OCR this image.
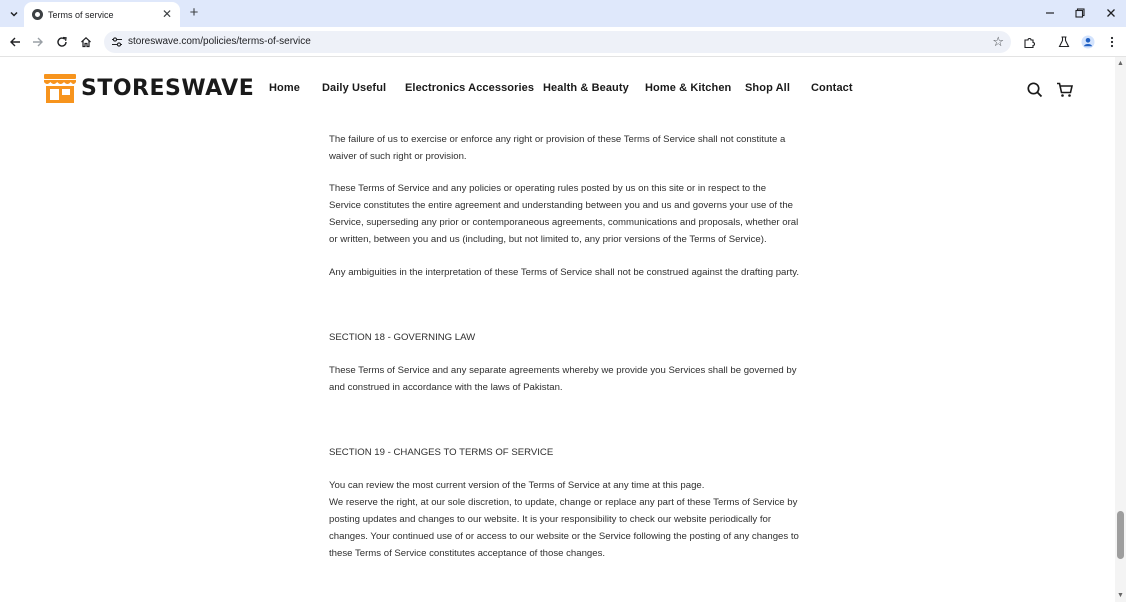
Terms of service	✕ +
storeswave.com/policies/terms-of-service	☆
STORESWAVE Home Daily Useful Electronics Accessories Health & Beauty Home & Kitchen Shop All Contact

The failure of us to exercise or enforce any right or provision of these Terms of Service shall not constitute a waiver of such right or provision.

These Terms of Service and any policies or operating rules posted by us on this site or in respect to the Service constitutes the entire agreement and understanding between you and us and governs your use of the Service, superseding any prior or contemporaneous agreements, communications and proposals, whether oral or written, between you and us (including, but not limited to, any prior versions of the Terms of Service).

Any ambiguities in the interpretation of these Terms of Service shall not be construed against the drafting party.

SECTION 18 - GOVERNING LAW

These Terms of Service and any separate agreements whereby we provide you Services shall be governed by and construed in accordance with the laws of Pakistan.

SECTION 19 - CHANGES TO TERMS OF SERVICE

You can review the most current version of the Terms of Service at any time at this page.

We reserve the right, at our sole discretion, to update, change or replace any part of these Terms of Service by posting updates and changes to our website. It is your responsibility to check our website periodically for changes. Your continued use of or access to our website or the Service following the posting of any changes to these Terms of Service constitutes acceptance of those changes.

▲
▼
